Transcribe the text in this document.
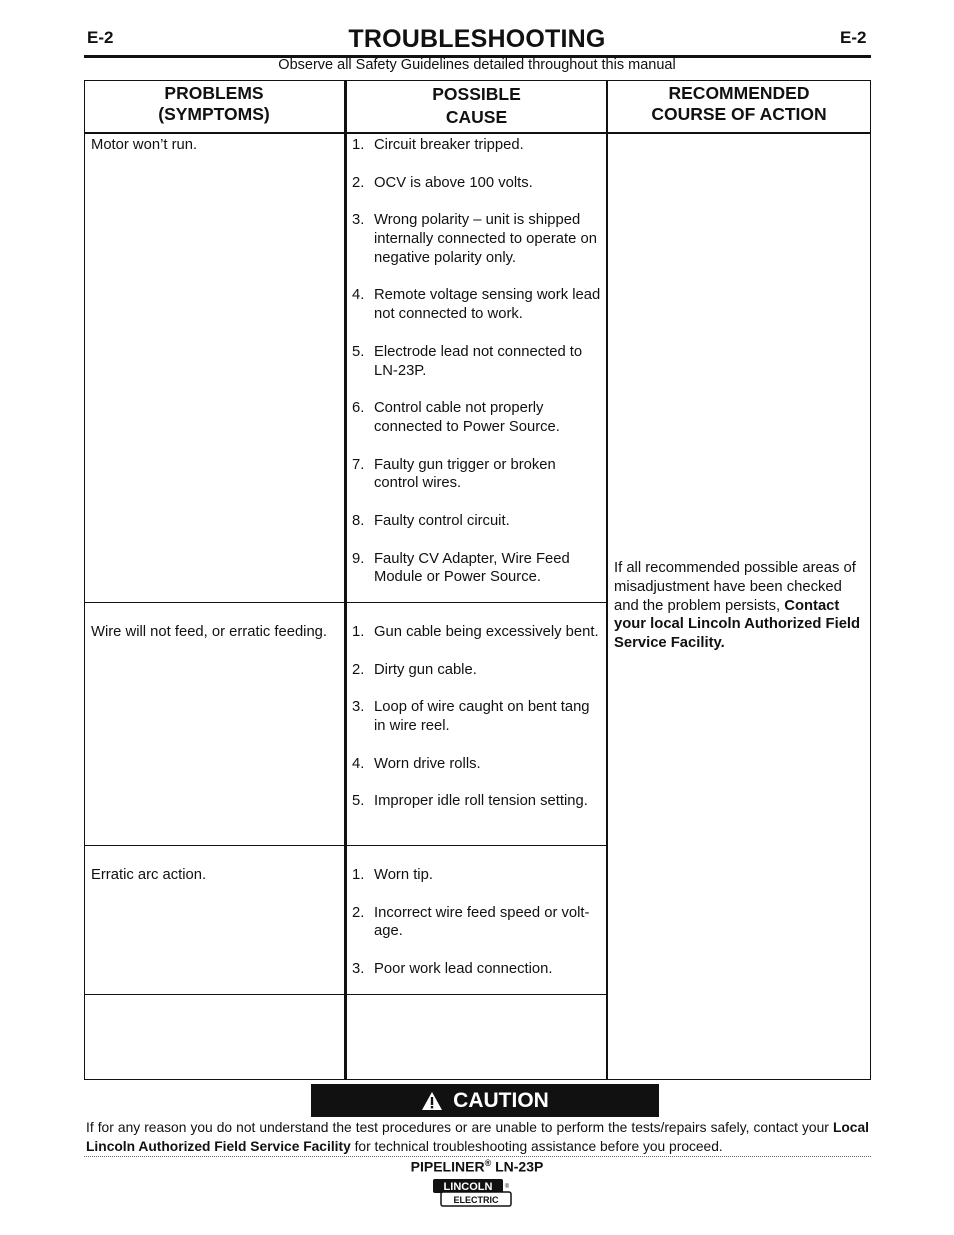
E-2	E-2
TROUBLESHOOTING
Observe all Safety Guidelines detailed throughout this manual
PROBLEMS
(SYMPTOMS)
POSSIBLE
CAUSE
RECOMMENDED
COURSE OF ACTION
Motor won’t run.	1. Circuit breaker tripped.
2. OCV is above 100 volts.
3. Wrong polarity – unit is shipped internally connected to operate on negative polarity only.
4. Remote voltage sensing work lead not connected to work.
5. Electrode lead not connected to LN-23P.
6. Control cable not properly connected to Power Source.
7. Faulty gun trigger or broken control wires.
8. Faulty control circuit.
9. Faulty CV Adapter, Wire Feed Module or Power Source.
Wire will not feed, or erratic feeding.	1. Gun cable being excessively bent.
2. Dirty gun cable.
3. Loop of wire caught on bent tang in wire reel.
4. Worn drive rolls.
5. Improper idle roll tension setting.
Erratic arc action.	1. Worn tip.
2. Incorrect wire feed speed or volt-age.
3. Poor work lead connection.
If all recommended possible areas of misadjustment have been checked and the problem persists, Contact your local Lincoln Authorized Field Service Facility.
CAUTION
If for any reason you do not understand the test procedures or are unable to perform the tests/repairs safely, contact your Local Lincoln Authorized Field Service Facility for technical troubleshooting assistance before you proceed.
PIPELINER® LN-23P
LINCOLN
ELECTRIC
®
